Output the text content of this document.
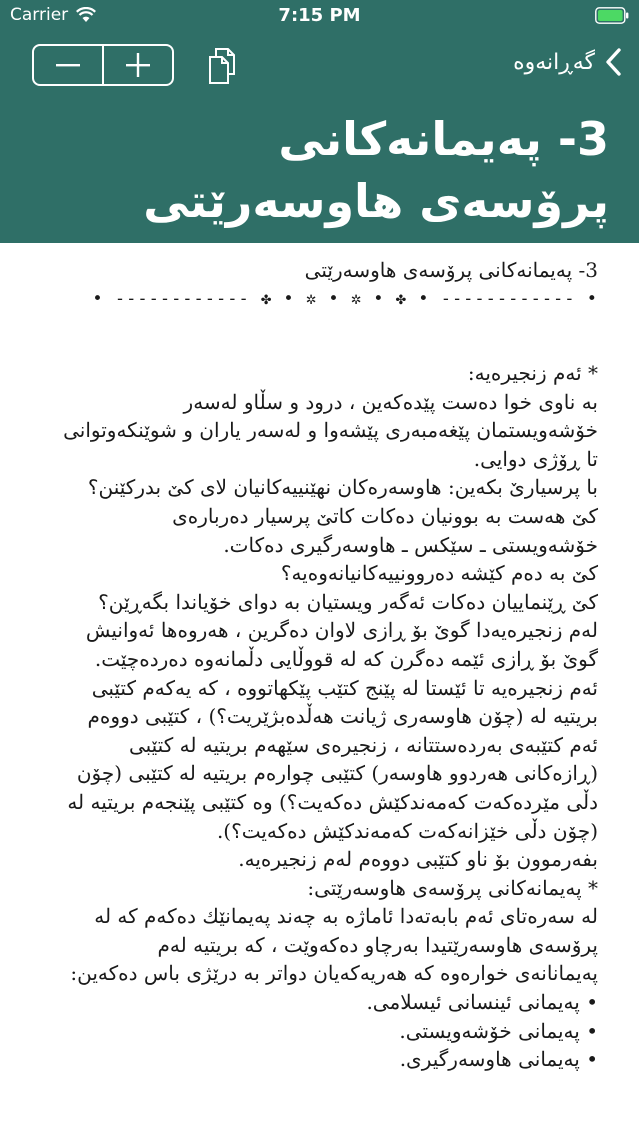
Carrier	7:15 PM
گەڕانەوە
3- پەیمانەکانی
پرۆسەی هاوسەرێتی

3- پەیمانەکانی پرۆسەی هاوسەرێتی

• ------------ ✤ • ✲ • ✲ • ✤ • ------------ •

* ئەم زنجیرەیە:
بە ناوی خوا دەست پێدەکەین ، درود و سڵاو لەسەر
خۆشەویستمان پێغەمبەری پێشەوا و لەسەر یاران و شوێنکەوتوانی
تا ڕۆژی دوایی.
با پرسیارێ بکەین: هاوسەرەکان نهێنییەکانیان لای کێ بدرکێنن؟
کێ هەست بە بوونیان دەکات کاتێ پرسیار دەربارەی
خۆشەویستی ـ سێکس ـ هاوسەرگیری دەکات.
کێ بە دەم کێشە دەروونییەکانیانەوەیە؟
کێ ڕێنماییان دەکات ئەگەر ویستیان بە دوای خۆیاندا بگەڕێن؟
لەم زنجیرەیەدا گوێ بۆ ڕازی لاوان دەگرین ، هەروەها ئەوانیش
گوێ بۆ ڕازی ئێمە دەگرن کە لە قووڵایی دڵمانەوە دەردەچێت.
ئەم زنجیرەیە تا ئێستا لە پێنج کتێب پێکهاتووە ، کە یەکەم کتێبی
بریتیە لە (چۆن هاوسەری ژیانت هەڵدەبژێریت؟) ، کتێبی دووەم
ئەم کتێبەی بەردەستتانە ، زنجیرەی سێهەم بریتیە لە کتێبی
(ڕازەکانی هەردوو هاوسەر) کتێبی چوارەم بریتیە لە کتێبی (چۆن
دڵی مێردەکەت کەمەندکێش دەکەیت؟) وە کتێبی پێنجەم بریتیە لە
(چۆن دڵی خێزانەکەت کەمەندکێش دەکەیت؟).
بفەرموون بۆ ناو کتێبی دووەم لەم زنجیرەیە.
* پەیمانەکانی پرۆسەی هاوسەرێتی:
لە سەرەتای ئەم بابەتەدا ئاماژە بە چەند پەیمانێك دەکەم کە لە
پرۆسەی هاوسەرێتیدا بەرچاو دەکەوێت ، کە بریتیە لەم
پەیمانانەی خوارەوە کە هەریەکەیان دواتر بە درێژی باس دەکەین:
• پەیمانی ئینسانی ئیسلامی.
• پەیمانی خۆشەویستی.
• پەیمانی هاوسەرگیری.
